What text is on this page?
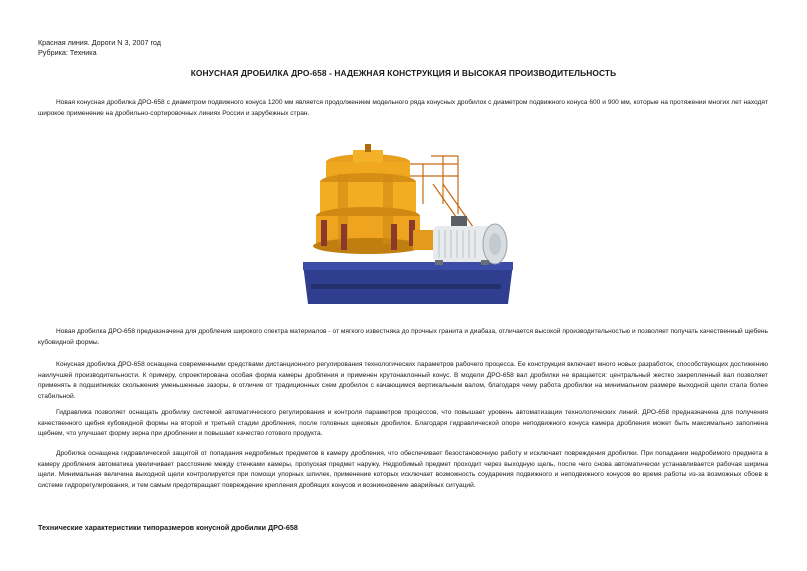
Красная линия. Дороги N 3, 2007 год
Рубрика: Техника
КОНУСНАЯ ДРОБИЛКА ДРО-658 - НАДЕЖНАЯ КОНСТРУКЦИЯ И ВЫСОКАЯ ПРОИЗВОДИТЕЛЬНОСТЬ

Новая конусная дробилка ДРО-658 с диаметром подвижного конуса 1200 мм является продолжением модельного ряда конусных дробилок с диаметром подвижного конуса 600 и 900 мм, которые на протяжении многих лет находят широкое применение на дробильно-сортировочных линиях России и зарубежных стран.

Новая дробилка ДРО-658 предназначена для дробления широкого спектра материалов - от мягкого известняка до прочных гранита и диабаза, отличается высокой производительностью и позволяет получать качественный щебень кубовидной формы.

Конусная дробилка ДРО-658 оснащена современными средствами дистанционного регулирования технологических параметров рабочего процесса. Ее конструкция включает много новых разработок, способствующих достижению наилучшей производительности. К примеру, спроектирована особая форма камеры дробления и применен крутонаклонный конус. В модели ДРО-658 вал дробилки не вращается: центральный жестко закрепленный вал позволяет применять в подшипниках скольжения уменьшенные зазоры, в отличие от традиционных схем дробилок с качающимся вертикальным валом, благодаря чему работа дробилки на минимальном размере выходной щели стала более стабильной.

Гидравлика позволяет оснащать дробилку системой автоматического регулирования и контроля параметров процессов, что повышает уровень автоматизации технологических линий. ДРО-658 предназначена для получения качественного щебня кубовидной формы на второй и третьей стадии дробления, после головных щековых дробилок. Благодаря гидравлической опоре неподвижного конуса камера дробления может быть максимально заполнена щебнем, что улучшает форму зерна при дроблении и повышает качество готового продукта.

Дробилка оснащена гидравлической защитой от попадания недробимых предметов в камеру дробления, что обеспечивает безостановочную работу и исключает повреждения дробилки. При попадании недробимого предмета в камеру дробления автоматика увеличивает расстояние между стенками камеры, пропуская предмет наружу. Недробимый предмет проходит через выходную щель, после чего снова автоматически устанавливается рабочая ширина щели. Минимальная величина выходной щели контролируется при помощи упорных шпилек, применение которых исключает возможность соударения подвижного и неподвижного конусов во время работы из-за возможных сбоев в системе гидрорегулирования, и тем самым предотвращает повреждение крепления дробящих конусов и возникновение аварийных ситуаций.

Технические характеристики типоразмеров конусной дробилки ДРО-658
